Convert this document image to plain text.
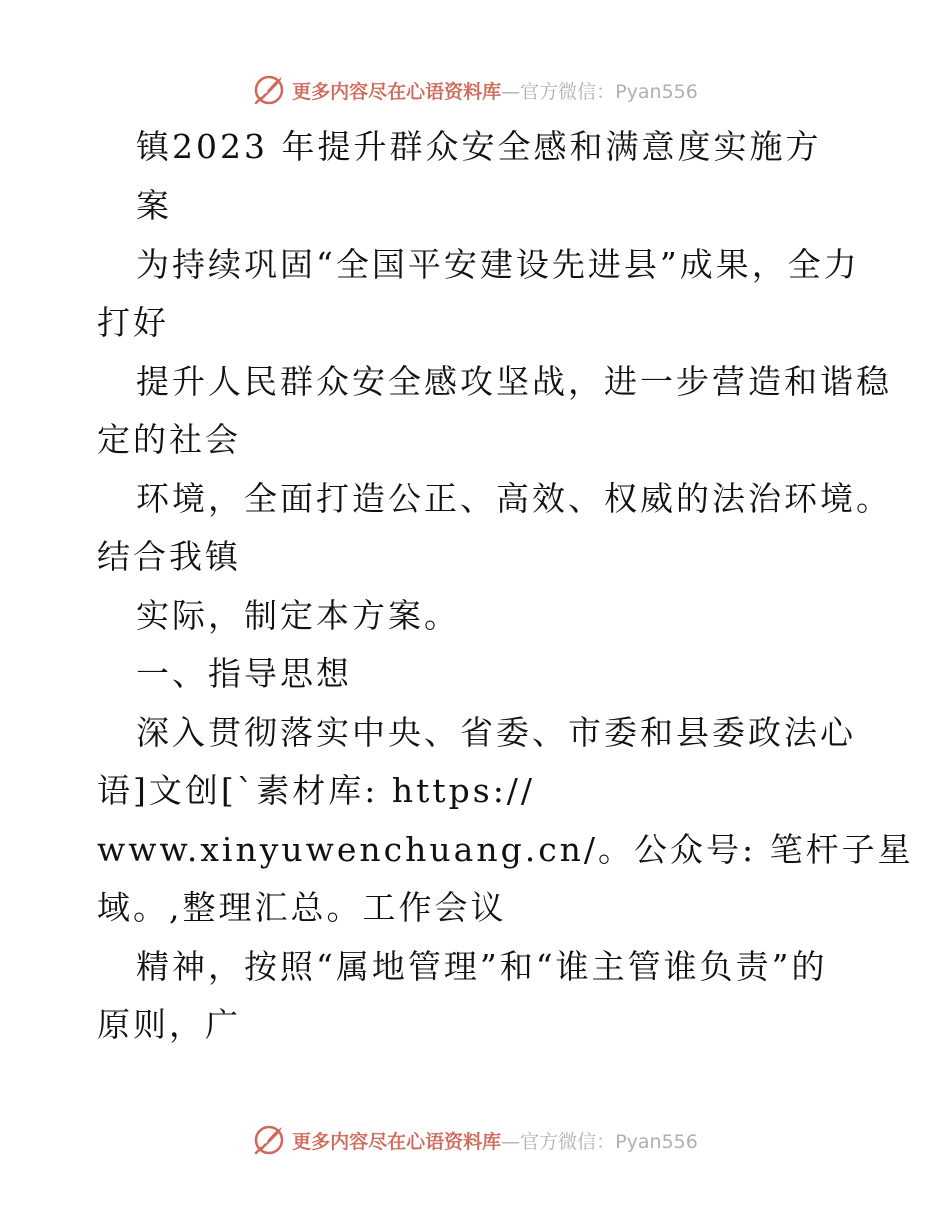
更多内容尽在心语资料库—官方微信：Pyan556
镇2023 年提升群众安全感和满意度实施方
案
为持续巩固“全国平安建设先进县”成果，全力
打好
提升人民群众安全感攻坚战，进一步营造和谐稳
定的社会
环境，全面打造公正、高效、权威的法治环境。
结合我镇
实际，制定本方案。
一、指导思想
深入贯彻落实中央、省委、市委和县委政法心
语]文创[`素材库: https://
www.xinyuwenchuang.cn/。公众号: 笔杆子星
域。,整理汇总。工作会议
精神，按照“属地管理”和“谁主管谁负责”的
原则，广
更多内容尽在心语资料库—官方微信：Pyan556
